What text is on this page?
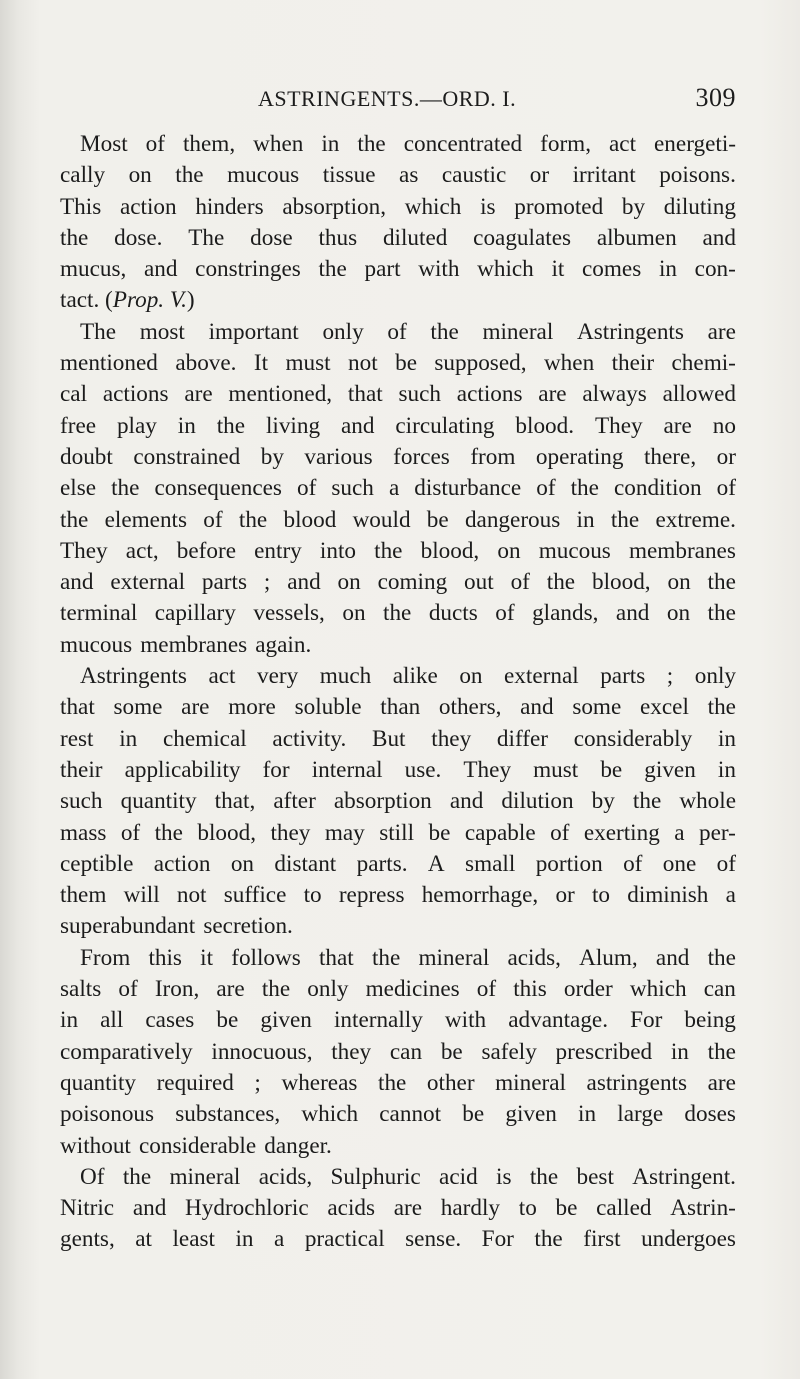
ASTRINGENTS.—ORD. I.	309
Most of them, when in the concentrated form, act energeti-
cally on the mucous tissue as caustic or irritant poisons.
This action hinders absorption, which is promoted by diluting
the dose. The dose thus diluted coagulates albumen and
mucus, and constringes the part with which it comes in con-
tact. ( Prop. V. )
The most important only of the mineral Astringents are
mentioned above. It must not be supposed, when their chemi-
cal actions are mentioned, that such actions are always allowed
free play in the living and circulating blood. They are no
doubt constrained by various forces from operating there, or
else the consequences of such a disturbance of the condition of
the elements of the blood would be dangerous in the extreme.
They act, before entry into the blood, on mucous membranes
and external parts ; and on coming out of the blood, on the
terminal capillary vessels, on the ducts of glands, and on the
mucous membranes again.
Astringents act very much alike on external parts ; only
that some are more soluble than others, and some excel the
rest in chemical activity. But they differ considerably in
their applicability for internal use. They must be given in
such quantity that, after absorption and dilution by the whole
mass of the blood, they may still be capable of exerting a per-
ceptible action on distant parts. A small portion of one of
them will not suffice to repress hemorrhage, or to diminish a
superabundant secretion.
From this it follows that the mineral acids, Alum, and the
salts of Iron, are the only medicines of this order which can
in all cases be given internally with advantage. For being
comparatively innocuous, they can be safely prescribed in the
quantity required ; whereas the other mineral astringents are
poisonous substances, which cannot be given in large doses
without considerable danger.
Of the mineral acids, Sulphuric acid is the best Astringent.
Nitric and Hydrochloric acids are hardly to be called Astrin-
gents, at least in a practical sense. For the first undergoes
